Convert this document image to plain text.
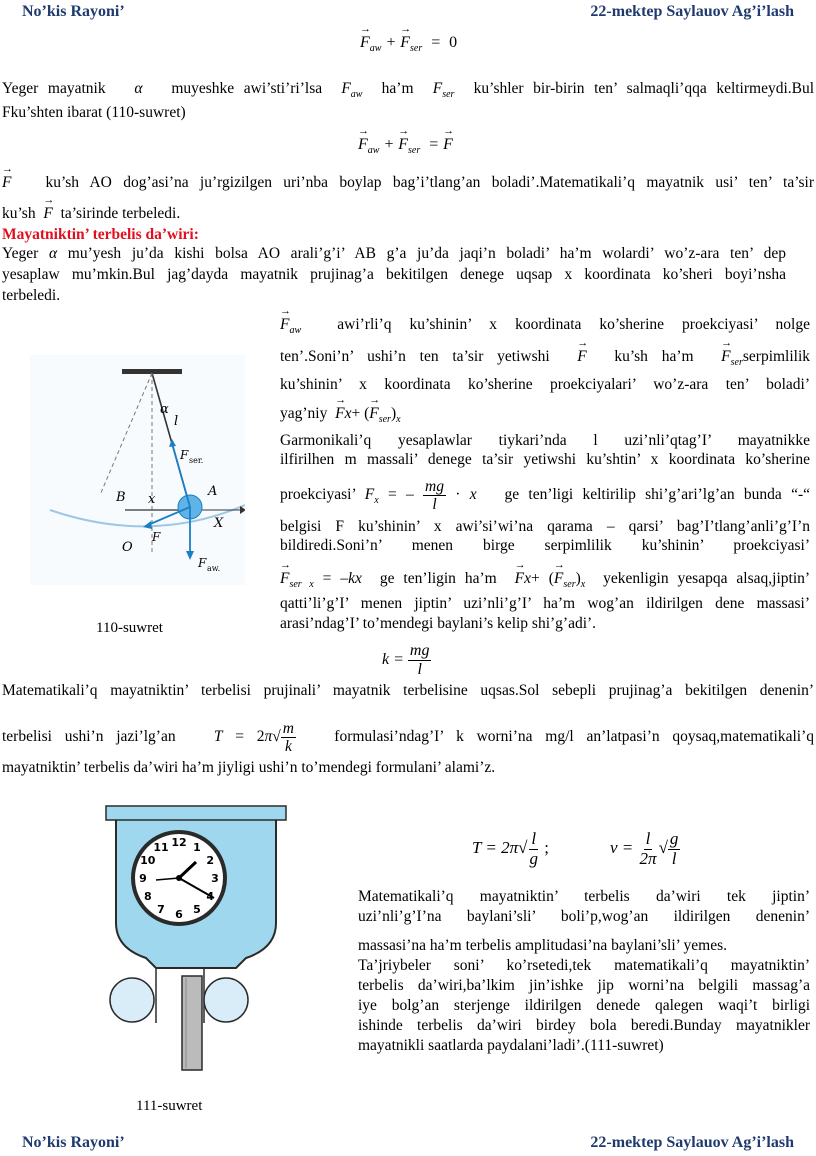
No’kis Rayoni’	22-mektep Saylauov Ag’i’lash
→ $F_{aw}$ + → $F_{ser} = 0$
Yeger mayatnik α muyeshke awi’sti’ri’lsa $F_{aw}$ ha’m $F_{ser}$ ku’shler bir-birin ten’ salmaqli’qqa keltirmeydi.Bul
Fku’shten ibarat (110-suwret)
→ $F_{aw}$ + → $F_{ser}$  = → F
→ F ku’sh AO dog’asi’na ju’rgizilgen uri’nba boylap bag’i’tlang’an boladi’.Matematikali’q mayatnik usi’ ten’ ta’sir
ku’sh → F ta’sirinde terbeledi.
Mayatniktin’ terbelis da’wiri:
Yeger α mu’yesh ju’da kishi bolsa AO arali’g’i’ AB g’a ju’da jaqi’n boladi’ ha’m wolardi’ wo’z-ara ten’ dep
yesaplaw mu’mkin.Bul jag’dayda mayatnik prujinag’a bekitilgen denege uqsap x koordinata ko’sheri boyi’nsha
terbeledi.
α
l
F ser.
B x
A
X
O
F
F aw.
110-suwret
→ $F_{aw}$ awi’rli’q ku’shinin’ x koordinata ko’sherine proekciyasi’ nolge
ten’.Soni’n’ ushi’n ten ta’sir yetiwshi → F ku’sh ha’m → $F_{ser}serpimlilik$
ku’shinin’ x koordinata ko’sherine proekciyalari’ wo’z-ara ten’ boladi’
yag’niy → Fx+ (→ $F_{ser})_x$
Garmonikali’q yesaplawlar tiykari’nda l uzi’nli’qtag’I’ mayatnikke
ilfirilhen m massali’ denege ta’sir yetiwshi ku’shtin’ x koordinata ko’sherine
proekciyasi’ $F_x$ = – $\frac{mg}{l} \cdot x$ ge ten’ligi keltirilip shi’g’ari’lg’an bunda “-“
belgisi F ku’shinin’ x awi’si’wi’na qarama – qarsi’ bag’I’tlang’anli’g’I’n
bildiredi.Soni’n’ menen birge serpimlilik ku’shinin’ proekciyasi’
→ $F_{ser x} = -kx$ ge ten’ligin ha’m → Fx+ (→ $F_{ser})_x$ yekenligin yesapqa alsaq,jiptin’
qatti’li’g’I’ menen jiptin’ uzi’nli’g’I’ ha’m wog’an ildirilgen dene massasi’
arasi’ndag’I’ to’mendegi baylani’s kelip shi’g’adi’.
$k = \frac{mg}{l}$
Matematikali’q mayatniktin’ terbelisi prujinali’ mayatnik terbelisine uqsas.Sol sebepli prujinag’a bekitilgen denenin’
terbelisi ushi’n jazi’lg’an $T = 2\pi√ \frac{m}{k}$ formulasi’ndag’I’ k worni’na mg/l an’latpasi’n qoysaq,matematikali’q
mayatniktin’ terbelis da’wiri ha’m jiyligi ushi’n to’mendegi formulani’ alami’z.
$T = 2\pi√ \frac{l}{g}$ ;	$v = \frac{l}{2\pi}$ √ $\frac{g}{l}$
12 1
2
3
4
5
6
7
8
9
10
11
111-suwret
Matematikali’q mayatniktin’ terbelis da’wiri tek jiptin’
uzi’nli’g’I’na baylani’sli’ boli’p,wog’an ildirilgen denenin’
massasi’na ha’m terbelis amplitudasi’na baylani’sli’ yemes.
Ta’jriybeler soni’ ko’rsetedi,tek matematikali’q mayatniktin’
terbelis da’wiri,ba’lkim jin’ishke jip worni’na belgili massag’a
iye bolg’an sterjenge ildirilgen denede qalegen waqi’t birligi
ishinde terbelis da’wiri birdey bola beredi.Bunday mayatnikler
mayatnikli saatlarda paydalani’ladi’.(111-suwret)
No’kis Rayoni’	22-mektep Saylauov Ag’i’lash
